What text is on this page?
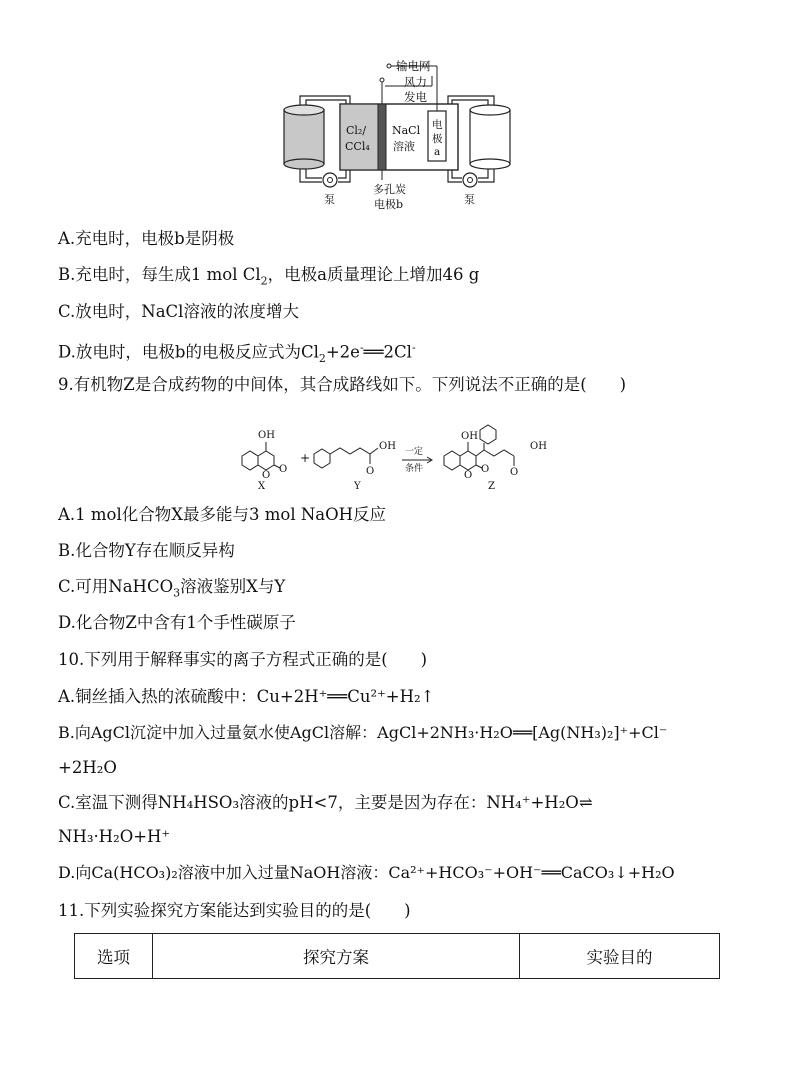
泵	泵
Cl₂/
CCl₄
NaCl
溶液
电
极
a
输电网
风力
发电
多孔炭
电极b
A.充电时，电极b是阴极
B.充电时，每生成1 mol $Cl_2$，电极a质量理论上增加46 g
C.放电时，NaCl溶液的浓度增大
D.放电时，电极b的电极反应式为$Cl_2+2e^-══2Cl^-$
9.有机物Z是合成药物的中间体，其合成路线如下。下列说法不正确的是(　　)
OH
O
O
X
+
OH
O
Y
一定
条件
OH
OH
O
O O
Z
A.1 mol化合物X最多能与3 mol NaOH反应
B.化合物Y存在顺反异构
C.可用NaHCO$_3$溶液鉴别X与Y
D.化合物Z中含有1个手性碳原子
10.下列用于解释事实的离子方程式正确的是(　　)
A.铜丝插入热的浓硫酸中：Cu+2H⁺══Cu²⁺+H₂↑
B.向AgCl沉淀中加入过量氨水使AgCl溶解：AgCl+2NH₃·H₂O══[Ag(NH₃)₂]⁺+Cl⁻
+2H₂O
C.室温下测得NH₄HSO₃溶液的pH<7，主要是因为存在：NH₄⁺+H₂O⇌
NH₃·H₂O+H⁺
D.向Ca(HCO₃)₂溶液中加入过量NaOH溶液：Ca²⁺+HCO₃⁻+OH⁻══CaCO₃↓+H₂O
11.下列实验探究方案能达到实验目的的是(　　)
选项	探究方案	实验目的
